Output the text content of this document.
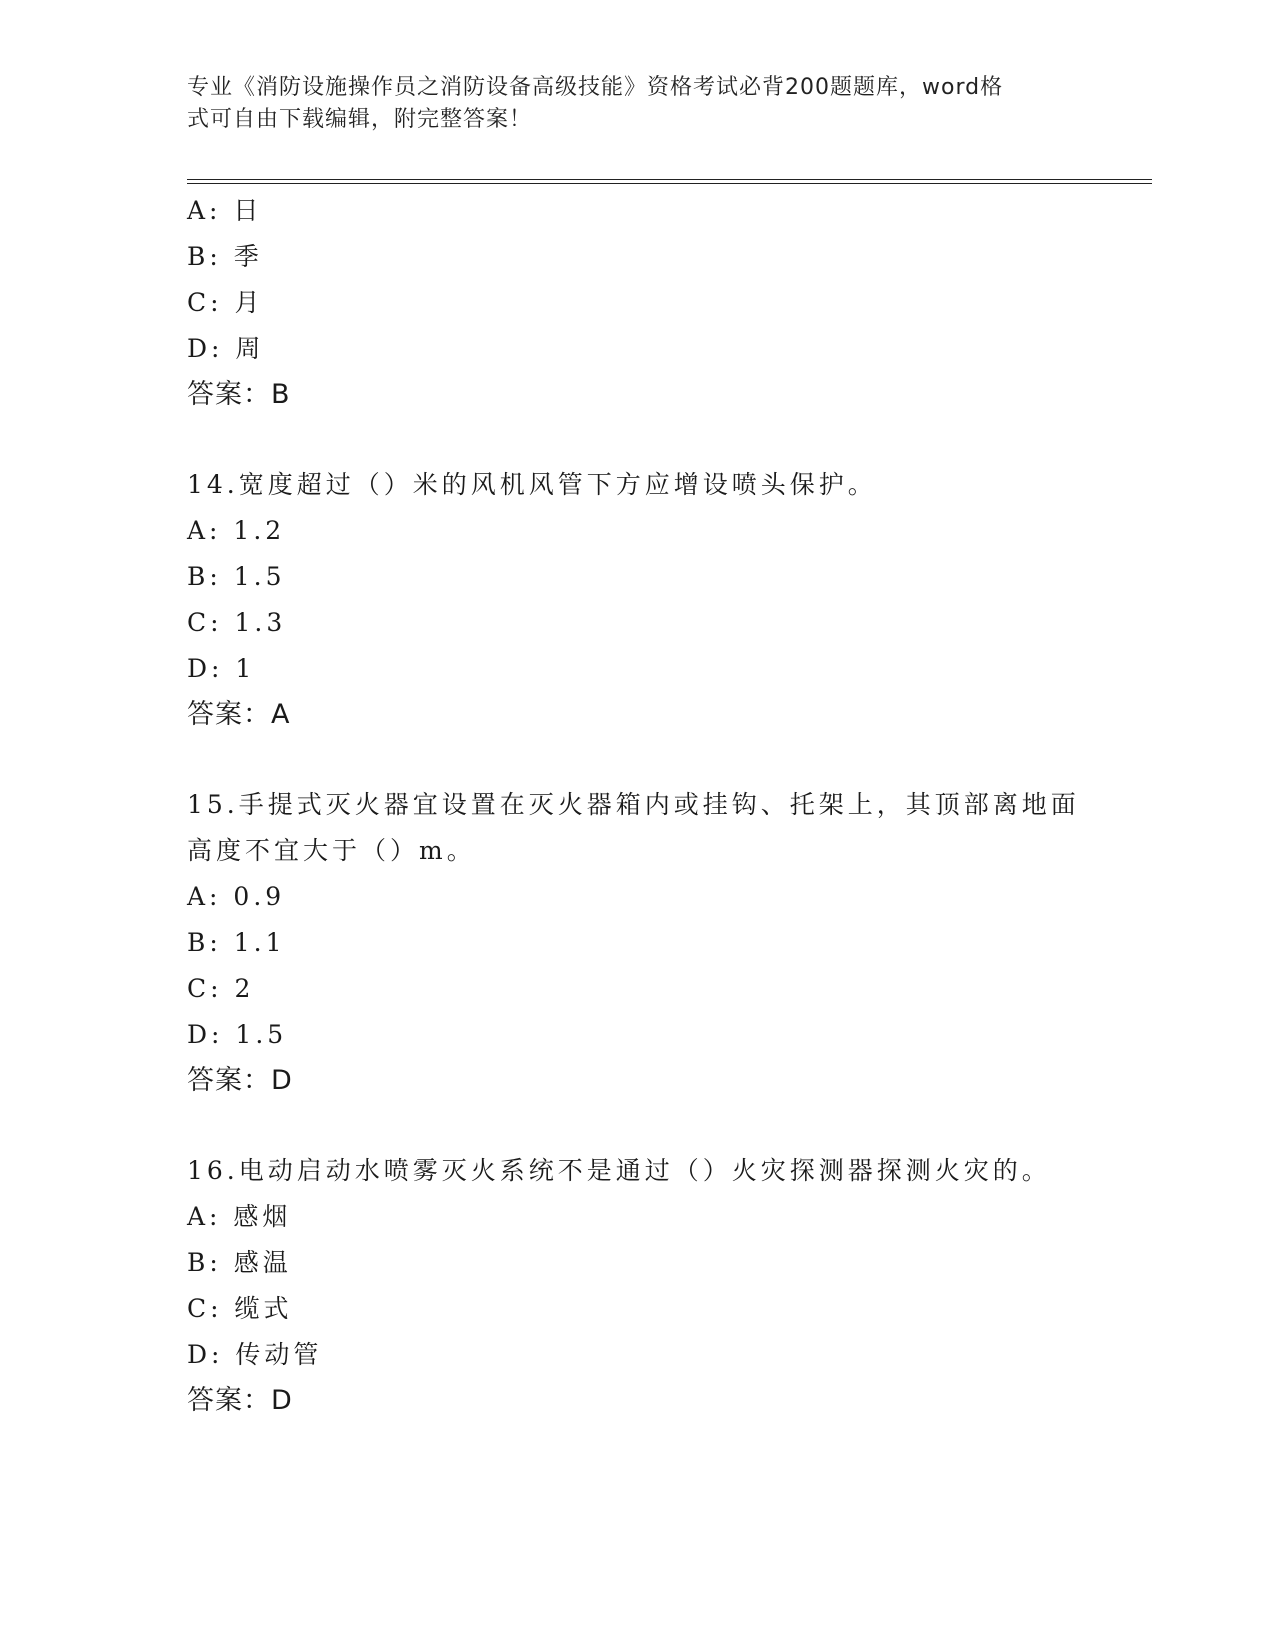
专业《消防设施操作员之消防设备高级技能》资格考试必背200题题库，word格
式可自由下载编辑，附完整答案！
A: 日
B: 季
C: 月
D: 周
答案：B
14.宽度超过（）米的风机风管下方应增设喷头保护。
A: 1.2
B: 1.5
C: 1.3
D: 1
答案：A
15.手提式灭火器宜设置在灭火器箱内或挂钩、托架上，其顶部离地面
高度不宜大于（）m。
A: 0.9
B: 1.1
C: 2
D: 1.5
答案：D
16.电动启动水喷雾灭火系统不是通过（）火灾探测器探测火灾的。
A: 感烟
B: 感温
C: 缆式
D: 传动管
答案：D
